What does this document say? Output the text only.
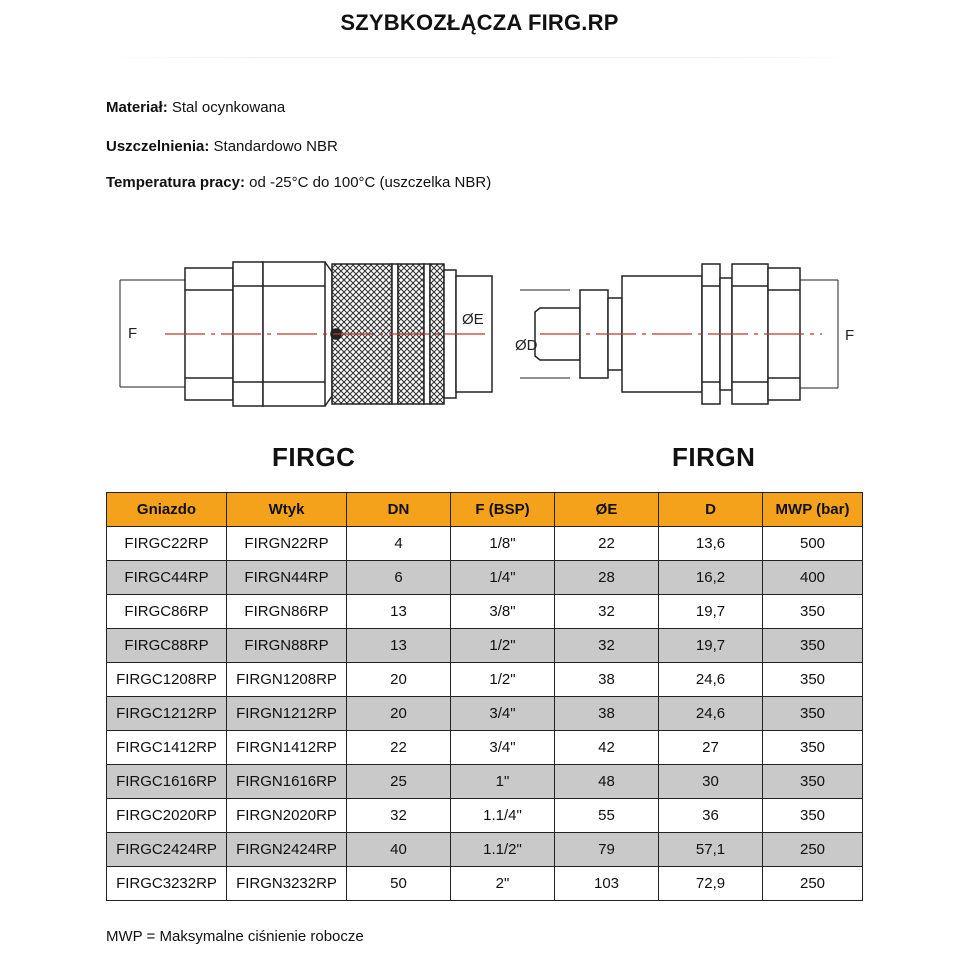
SZYBKOZŁĄCZA FIRG.RP
Materiał: Stal ocynkowana
Uszczelnienia: Standardowo NBR
Temperatura pracy: od -25°C do 100°C (uszczelka NBR)
F
ØE
ØD
F
FIRGC	FIRGN
Gniazdo	Wtyk	DN	F (BSP)	ØE	D	MWP (bar)
FIRGC22RP	FIRGN22RP	4	1/8"	22	13,6	500
FIRGC44RP	FIRGN44RP	6	1/4"	28	16,2	400
FIRGC86RP	FIRGN86RP	13	3/8"	32	19,7	350
FIRGC88RP	FIRGN88RP	13	1/2"	32	19,7	350
FIRGC1208RP	FIRGN1208RP	20	1/2"	38	24,6	350
FIRGC1212RP	FIRGN1212RP	20	3/4"	38	24,6	350
FIRGC1412RP	FIRGN1412RP	22	3/4"	42	27	350
FIRGC1616RP	FIRGN1616RP	25	1"	48	30	350
FIRGC2020RP	FIRGN2020RP	32	1.1/4"	55	36	350
FIRGC2424RP	FIRGN2424RP	40	1.1/2"	79	57,1	250
FIRGC3232RP	FIRGN3232RP	50	2"	103	72,9	250
MWP = Maksymalne ciśnienie robocze
